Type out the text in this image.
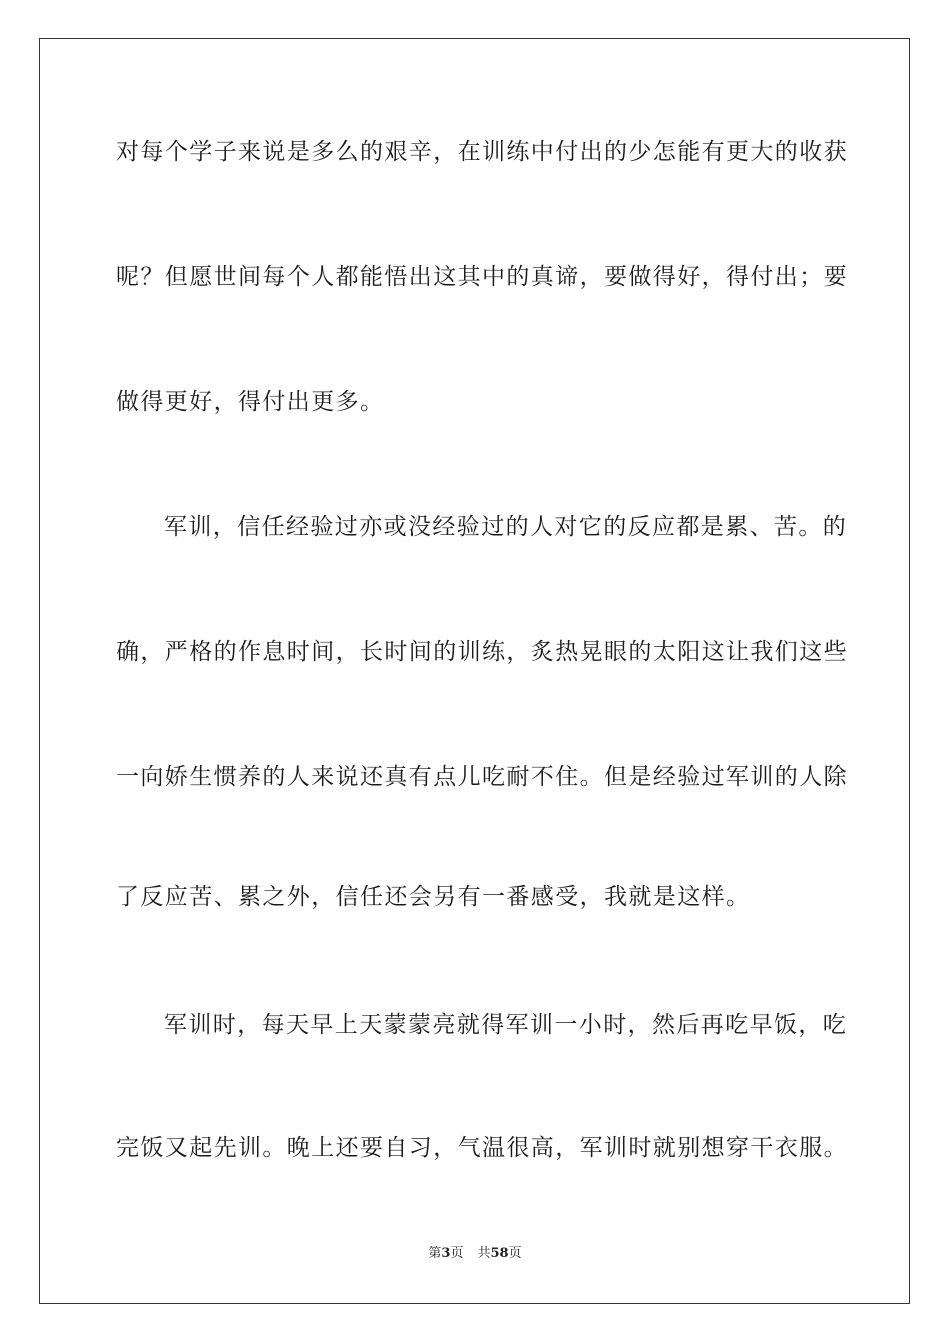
对每个学子来说是多么的艰辛，在训练中付出的少怎能有更大的收获
呢？但愿世间每个人都能悟出这其中的真谛，要做得好，得付出；要
做得更好，得付出更多。
军训，信任经验过亦或没经验过的人对它的反应都是累、苦。的
确，严格的作息时间，长时间的训练，炙热晃眼的太阳这让我们这些
一向娇生惯养的人来说还真有点儿吃耐不住。但是经验过军训的人除
了反应苦、累之外，信任还会另有一番感受，我就是这样。
军训时，每天早上天蒙蒙亮就得军训一小时，然后再吃早饭，吃
完饭又起先训。晚上还要自习，气温很高，军训时就别想穿干衣服。
第3页 共58页
